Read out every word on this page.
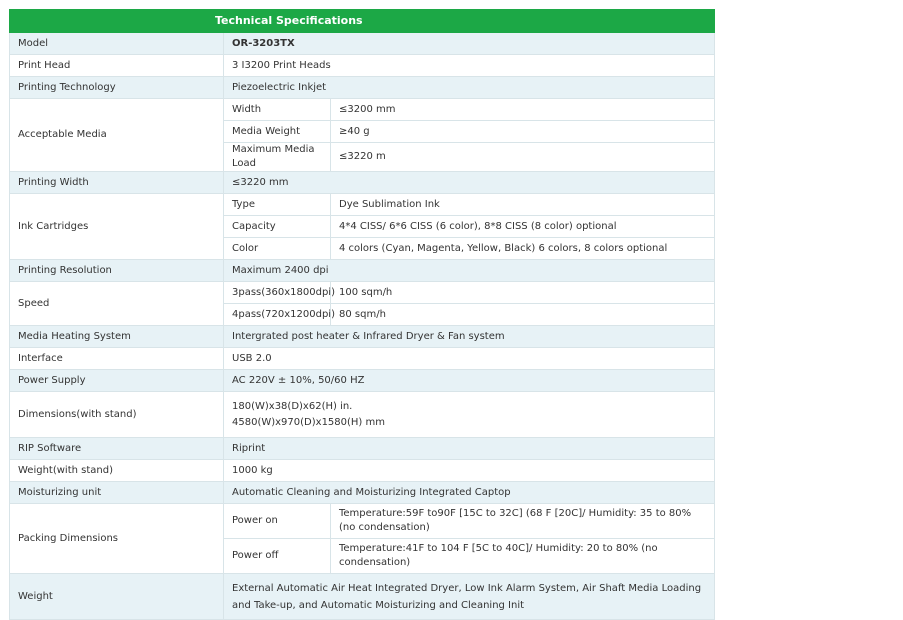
Technical Specifications		
Model	OR-3203TX	
Print Head	3 I3200 Print Heads	
Printing Technology	Piezoelectric Inkjet	
Acceptable Media	Width	≤3200 mm
	Media Weight	≥40 g
	Maximum Media Load	≤3220 m
Printing Width	≤3220 mm	
Ink Cartridges	Type	Dye Sublimation Ink
	Capacity	4*4 CISS/ 6*6 CISS (6 color), 8*8 CISS (8 color) optional
	Color	4 colors (Cyan, Magenta, Yellow, Black) 6 colors, 8 colors optional
Printing Resolution	Maximum 2400 dpi	
Speed	3pass(360x1800dpi)	100 sqm/h
	4pass(720x1200dpi)	80 sqm/h
Media Heating System	Intergrated post heater & Infrared Dryer & Fan system	
Interface	USB 2.0	
Power Supply	AC 220V ± 10%, 50/60 HZ	
Dimensions(with stand)	180(W)x38(D)x62(H) in.
4580(W)x970(D)x1580(H) mm	

RIP Software	Riprint	
Weight(with stand)	1000 kg	
Moisturizing unit	Automatic Cleaning and Moisturizing Integrated Captop	
Packing Dimensions	Power on	Temperature:59F to90F [15C to 32C] (68 F [20C]/ Humidity: 35 to 80% (no condensation)
	Power off	Temperature:41F to 104 F [5C to 40C]/ Humidity: 20 to 80% (no condensation)
Weight	External Automatic Air Heat Integrated Dryer, Low Ink Alarm System, Air Shaft Media Loading and Take-up, and Automatic Moisturizing and Cleaning Init	
